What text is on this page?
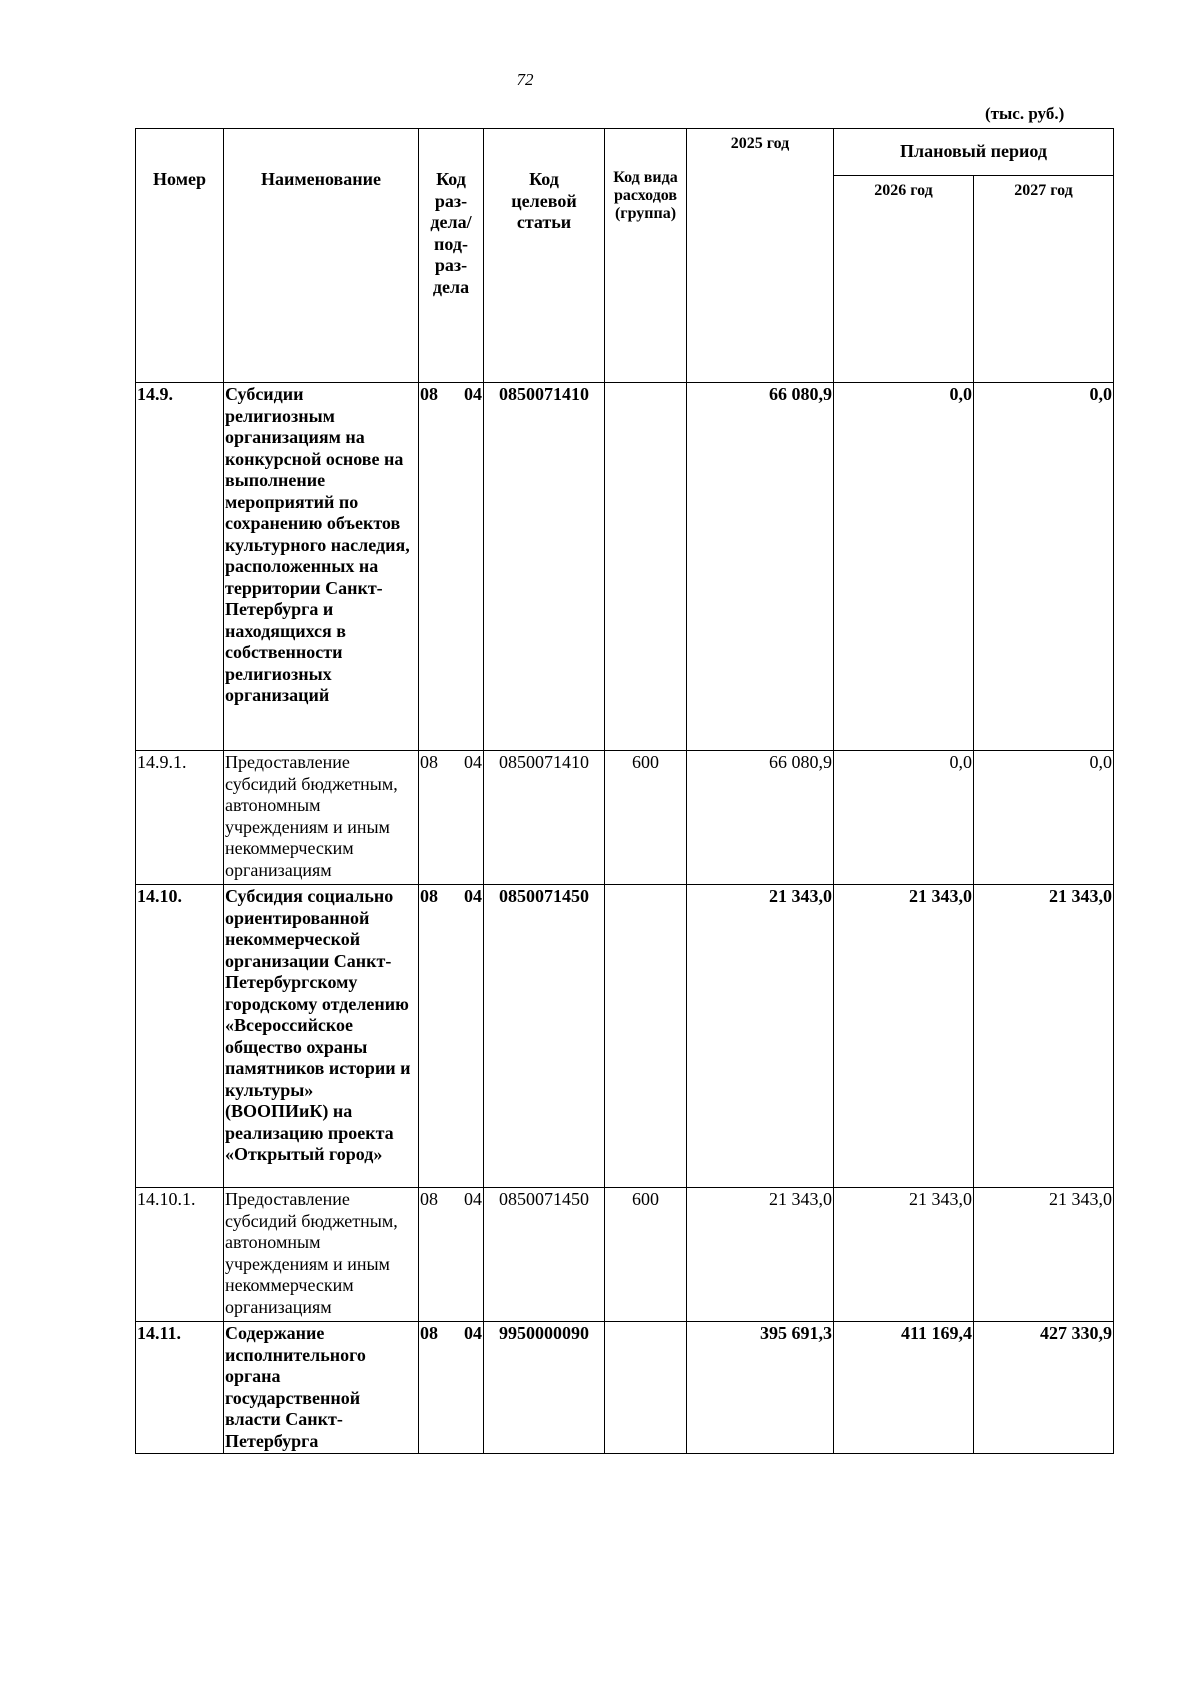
72
(тыс. руб.)
Номер	Наименование	Код раз-дела/ под-раз-дела	Код целевой статьи	Код вида расходов (группа)	2025 год	Плановый период	
						2026 год	2027 год
14.9.	Субсидии религиозным организациям на конкурсной основе на выполнение мероприятий по сохранению объектов культурного наследия, расположенных на территории Санкт-Петербурга и находящихся в собственности религиозных организаций	08 04	0850071410		66 080,9	0,0	0,0
14.9.1.	Предоставление субсидий бюджетным, автономным учреждениям и иным некоммерческим организациям	08 04	0850071410	600	66 080,9	0,0	0,0
14.10.	Субсидия социально ориентированной некоммерческой организации Санкт-Петербургскому городскому отделению «Всероссийское общество охраны памятников истории и культуры» (ВООПИиК) на реализацию проекта «Открытый город»	08 04	0850071450		21 343,0	21 343,0	21 343,0
14.10.1.	Предоставление субсидий бюджетным, автономным учреждениям и иным некоммерческим организациям	08 04	0850071450	600	21 343,0	21 343,0	21 343,0
14.11.	Содержание исполнительного органа государственной власти Санкт-Петербурга	08 04	9950000090		395 691,3	411 169,4	427 330,9
